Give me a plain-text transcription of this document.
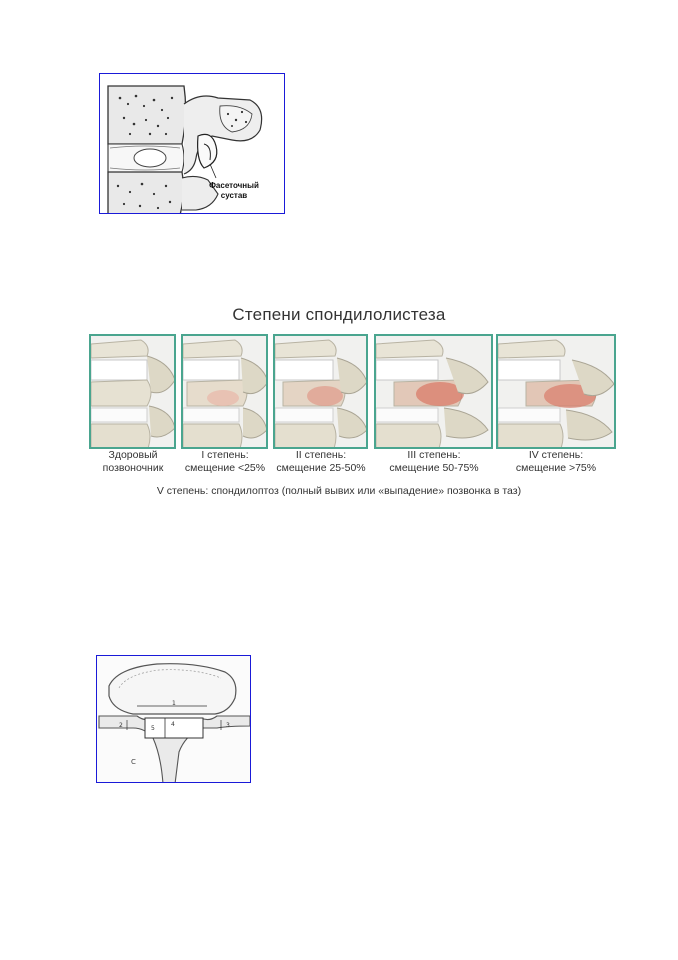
Фасеточный
сустав
Степени спондилолистеза
Здоровый
позвоночник
I степень:
смещение <25%
II степень:
смещение 25-50%
III степень:
смещение 50-75%
IV степень:
смещение >75%
V степень: спондилоптоз (полный вывих или «выпадение» позвонка в таз)
1
2	3
4
5
C
